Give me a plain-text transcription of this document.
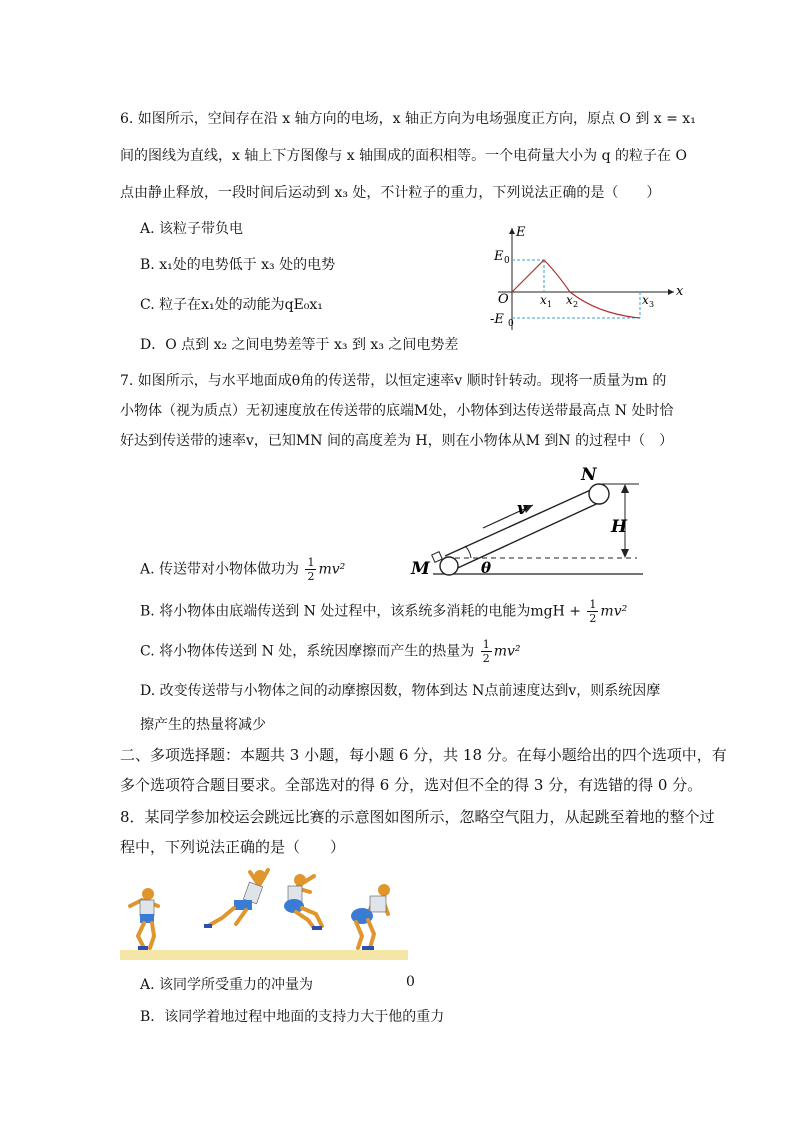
6. 如图所示，空间存在沿 x 轴方向的电场，x 轴正方向为电场强度正方向，原点 O 到 x = x₁
间的图线为直线，x 轴上下方图像与 x 轴围成的面积相等。一个电荷量大小为 q 的粒子在 O
点由静止释放，一段时间后运动到 x₃ 处，不计粒子的重力，下列说法正确的是（　　）
A. 该粒子带负电
B. x₁处的电势低于 x₃ 处的电势
C. 粒子在x₁处的动能为qE₀x₁
D．O 点到 x₂ 之间电势差等于 x₃ 到 x₃ 之间电势差
E
x
E 0
-E 0
O	x 1 x 2	x 3
7. 如图所示，与水平地面成θ角的传送带，以恒定速率v 顺时针转动。现将一质量为m 的
小物体（视为质点）无初速度放在传送带的底端M处，小物体到达传送带最高点 N 处时恰
好达到传送带的速率v，已知MN 间的高度差为 H，则在小物体从M 到N 的过程中（　）
N
M
H
v
θ
A. 传送带对小物体做功为 $\frac{1}{2} mv^2$
B. 将小物体由底端传送到 N 处过程中，该系统多消耗的电能为mgH + $\frac{1}{2} mv^2$
C. 将小物体传送到 N 处，系统因摩擦而产生的热量为 $\frac{1}{2} mv^2$
D. 改变传送带与小物体之间的动摩擦因数，物体到达 N点前速度达到v，则系统因摩
擦产生的热量将减少
二、多项选择题：本题共 3 小题，每小题 6 分，共 18 分。在每小题给出的四个选项中，有
多个选项符合题目要求。全部选对的得 6 分，选对但不全的得 3 分，有选错的得 0 分。
8．某同学参加校运会跳远比赛的示意图如图所示，忽略空气阻力，从起跳至着地的整个过
程中，下列说法正确的是（　　）
A. 该同学所受重力的冲量为	0
B．该同学着地过程中地面的支持力大于他的重力
